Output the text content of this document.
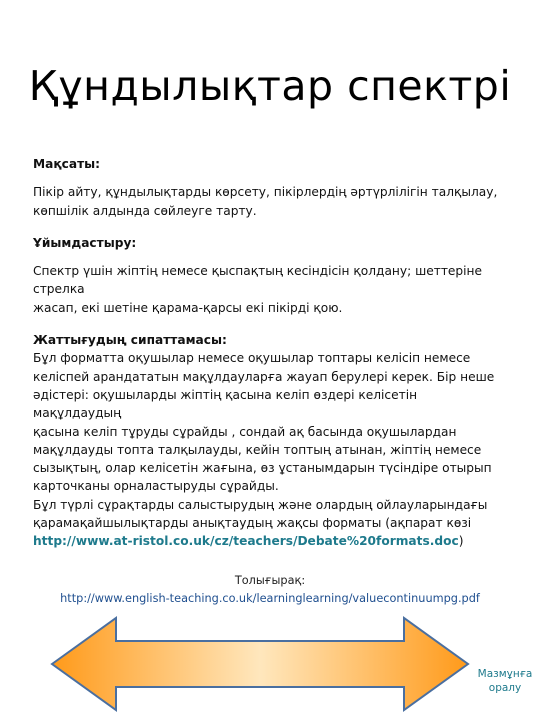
Құндылықтар спектрі

Мақсаты:

Пікір айту, құндылықтарды көрсету, пікірлердің әртүрлілігін талқылау,

көпшілік алдында сөйлеуге тарту.

Ұйымдастыру:

Спектр үшін жіптің немесе қыспақтың кесіндісін қолдану; шеттеріне стрелка

жасап, екі шетіне қарама-қарсы екі пікірді қою.

Жаттығудың сипаттамасы:

Бұл форматта оқушылар немесе оқушылар топтары келісіп немесе

келіспей арандататын мақұлдауларға жауап берулері керек. Бір неше

әдістері: оқушыларды жіптің қасына келіп өздері келісетін мақұлдаудың

қасына келіп тұруды сұрайды , сондай ақ басында оқушылардан

мақұлдауды топта талқылауды, кейін топтың атынан, жіптің немесе

сызықтың, олар келісетін жағына, өз ұстанымдарын түсіндіре отырып

карточканы орналастыруды сұрайды.

Бұл түрлі сұрақтарды салыстырудың және олардың ойлауларындағы

қарамақайшылықтарды анықтаудың жақсы форматы (ақпарат көзі

http://www.at-ristol.co.uk/cz/teachers/Debate%20formats.doc)

Толығырақ:
http://www.english-teaching.co.uk/learninglearning/valuecontinuumpg.pdf
Мазмұнға
оралу
